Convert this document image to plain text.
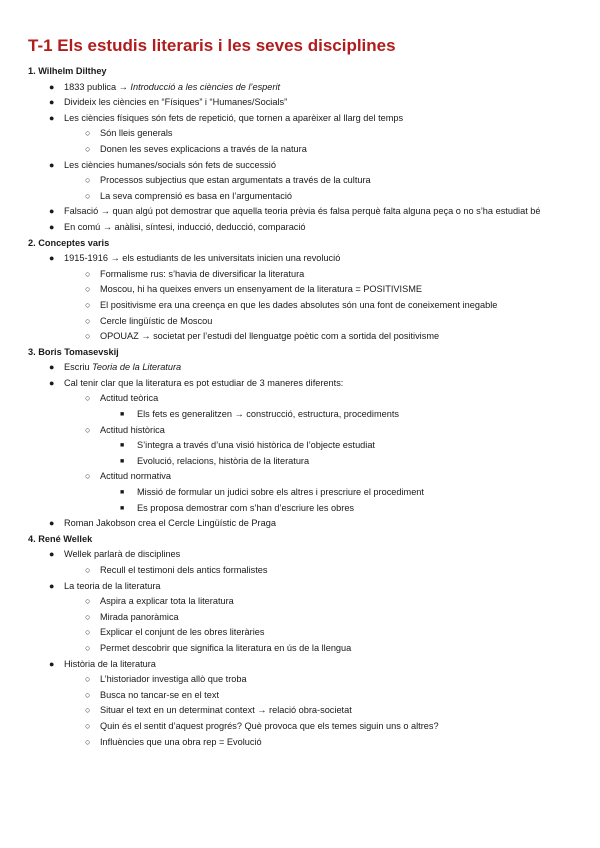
T-1 Els estudis literaris i les seves disciplines
1. Wilhelm Dilthey
●	1833 publica → Introducció a les ciències de l’esperit
●	Divideix les ciències en “Físiques” i “Humanes/Socials”
●	Les ciències físiques són fets de repetició, que tornen a aparèixer al llarg del temps
○	Són lleis generals
○	Donen les seves explicacions a través de la natura
●	Les ciències humanes/socials són fets de successió
○	Processos subjectius que estan argumentats a través de la cultura
○	La seva comprensió es basa en l’argumentació
●	Falsació → quan algú pot demostrar que aquella teoria prèvia és falsa perquè falta alguna peça o no s’ha estudiat bé
●	En comú → anàlisi, síntesi, inducció, deducció, comparació
2. Conceptes varis
●	1915-1916 → els estudiants de les universitats inicien una revolució
○	Formalisme rus: s’havia de diversificar la literatura
○	Moscou, hi ha queixes envers un ensenyament de la literatura = POSITIVISME
○	El positivisme era una creença en que les dades absolutes són una font de coneixement inegable
○	Cercle lingüístic de Moscou
○	OPOUAZ → societat per l’estudi del llenguatge poètic com a sortida del positivisme
3. Boris Tomasevskij
●	Escriu Teoria de la Literatura
●	Cal tenir clar que la literatura es pot estudiar de 3 maneres diferents:
○	Actitud teòrica
■	Els fets es generalitzen → construcció, estructura, procediments
○	Actitud històrica
■	S’integra a través d’una visió històrica de l’objecte estudiat
■	Evolució, relacions, història de la literatura
○	Actitud normativa
■	Missió de formular un judici sobre els altres i prescriure el procediment
■	Es proposa demostrar com s’han d’escriure les obres
●	Roman Jakobson crea el Cercle Lingüístic de Praga
4. René Wellek
●	Wellek parlarà de disciplines
○	Recull el testimoni dels antics formalistes
●	La teoria de la literatura
○	Aspira a explicar tota la literatura
○	Mirada panoràmica
○	Explicar el conjunt de les obres literàries
○	Permet descobrir que significa la literatura en ús de la llengua
●	Història de la literatura
○	L’historiador investiga allò que troba
○	Busca no tancar-se en el text
○	Situar el text en un determinat context → relació obra-societat
○	Quin és el sentit d’aquest progrés? Què provoca que els temes siguin uns o altres?
○	Influències que una obra rep = Evolució
